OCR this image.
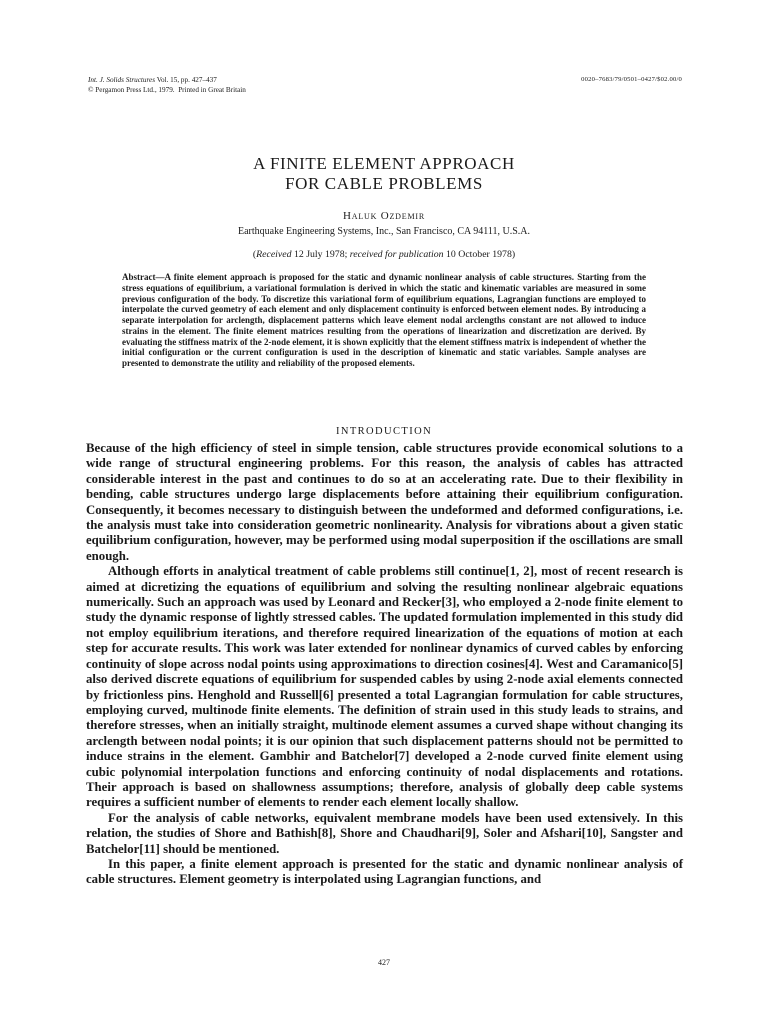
Int. J. Solids Structures Vol. 15, pp. 427–437
© Pergamon Press Ltd., 1979. Printed in Great Britain
0020–7683/79/0501–0427/$02.00/0
A FINITE ELEMENT APPROACH
FOR CABLE PROBLEMS
Haluk Ozdemir
Earthquake Engineering Systems, Inc., San Francisco, CA 94111, U.S.A.
(Received 12 July 1978; received for publication 10 October 1978)
Abstract—A finite element approach is proposed for the static and dynamic nonlinear analysis of cable structures. Starting from the stress equations of equilibrium, a variational formulation is derived in which the static and kinematic variables are measured in some previous configuration of the body. To discretize this variational form of equilibrium equations, Lagrangian functions are employed to interpolate the curved geometry of each element and only displacement continuity is enforced between element nodes. By introducing a separate interpolation for arclength, displacement patterns which leave element nodal arclengths constant are not allowed to induce strains in the element. The finite element matrices resulting from the operations of linearization and discretization are derived. By evaluating the stiffness matrix of the 2-node element, it is shown explicitly that the element stiffness matrix is independent of whether the initial configuration or the current configuration is used in the description of kinematic and static variables. Sample analyses are presented to demonstrate the utility and reliability of the proposed elements.
INTRODUCTION

Because of the high efficiency of steel in simple tension, cable structures provide economical solutions to a wide range of structural engineering problems. For this reason, the analysis of cables has attracted considerable interest in the past and continues to do so at an accelerating rate. Due to their flexibility in bending, cable structures undergo large displacements before attaining their equilibrium configuration. Consequently, it becomes necessary to distinguish between the undeformed and deformed configurations, i.e. the analysis must take into consideration geometric nonlinearity. Analysis for vibrations about a given static equilibrium configuration, however, may be performed using modal superposition if the oscillations are small enough.

Although efforts in analytical treatment of cable problems still continue[1, 2], most of recent research is aimed at dicretizing the equations of equilibrium and solving the resulting nonlinear algebraic equations numerically. Such an approach was used by Leonard and Recker[3], who employed a 2-node finite element to study the dynamic response of lightly stressed cables. The updated formulation implemented in this study did not employ equilibrium iterations, and therefore required linearization of the equations of motion at each step for accurate results. This work was later extended for nonlinear dynamics of curved cables by enforcing continuity of slope across nodal points using approximations to direction cosines[4]. West and Caramanico[5] also derived discrete equations of equilibrium for suspended cables by using 2-node axial elements connected by frictionless pins. Henghold and Russell[6] presented a total Lagrangian formulation for cable structures, employing curved, multinode finite elements. The definition of strain used in this study leads to strains, and therefore stresses, when an initially straight, multinode element assumes a curved shape without changing its arclength between nodal points; it is our opinion that such displacement patterns should not be permitted to induce strains in the element. Gambhir and Batchelor[7] developed a 2-node curved finite element using cubic polynomial interpolation functions and enforcing continuity of nodal displacements and rotations. Their approach is based on shallowness assumptions; therefore, analysis of globally deep cable systems requires a sufficient number of elements to render each element locally shallow.

For the analysis of cable networks, equivalent membrane models have been used extensively. In this relation, the studies of Shore and Bathish[8], Shore and Chaudhari[9], Soler and Afshari[10], Sangster and Batchelor[11] should be mentioned.

In this paper, a finite element approach is presented for the static and dynamic nonlinear analysis of cable structures. Element geometry is interpolated using Lagrangian functions, and

427
